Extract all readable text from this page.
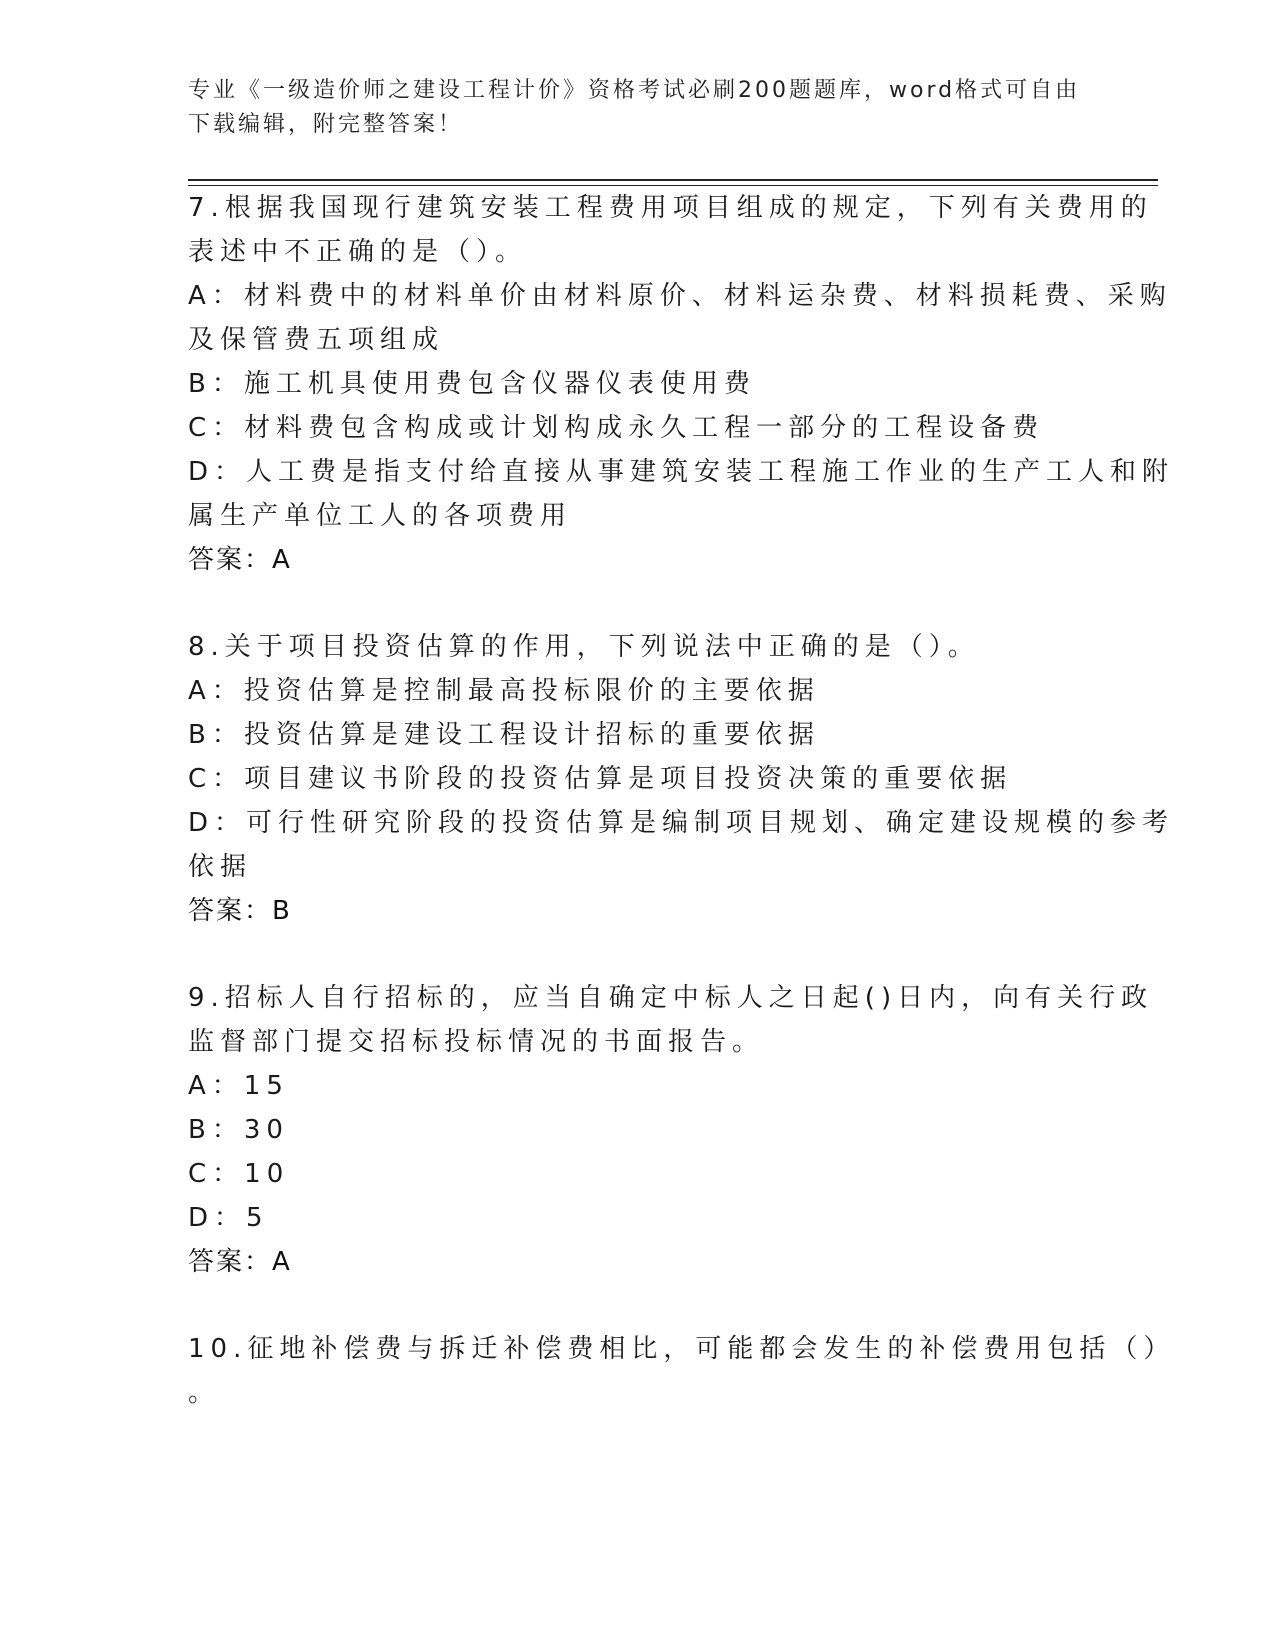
专业《一级造价师之建设工程计价》资格考试必刷200题题库，word格式可自由
下载编辑，附完整答案！
7.根据我国现行建筑安装工程费用项目组成的规定，下列有关费用的
表述中不正确的是（）。
A：材料费中的材料单价由材料原价、材料运杂费、材料损耗费、采购
及保管费五项组成
B：施工机具使用费包含仪器仪表使用费
C：材料费包含构成或计划构成永久工程一部分的工程设备费
D：人工费是指支付给直接从事建筑安装工程施工作业的生产工人和附
属生产单位工人的各项费用
答案：A
8.关于项目投资估算的作用，下列说法中正确的是（）。
A：投资估算是控制最高投标限价的主要依据
B：投资估算是建设工程设计招标的重要依据
C：项目建议书阶段的投资估算是项目投资决策的重要依据
D：可行性研究阶段的投资估算是编制项目规划、确定建设规模的参考
依据
答案：B
9.招标人自行招标的，应当自确定中标人之日起()日内，向有关行政
监督部门提交招标投标情况的书面报告。
A：15
B：30
C：10
D：5
答案：A
10.征地补偿费与拆迁补偿费相比，可能都会发生的补偿费用包括（）
。
